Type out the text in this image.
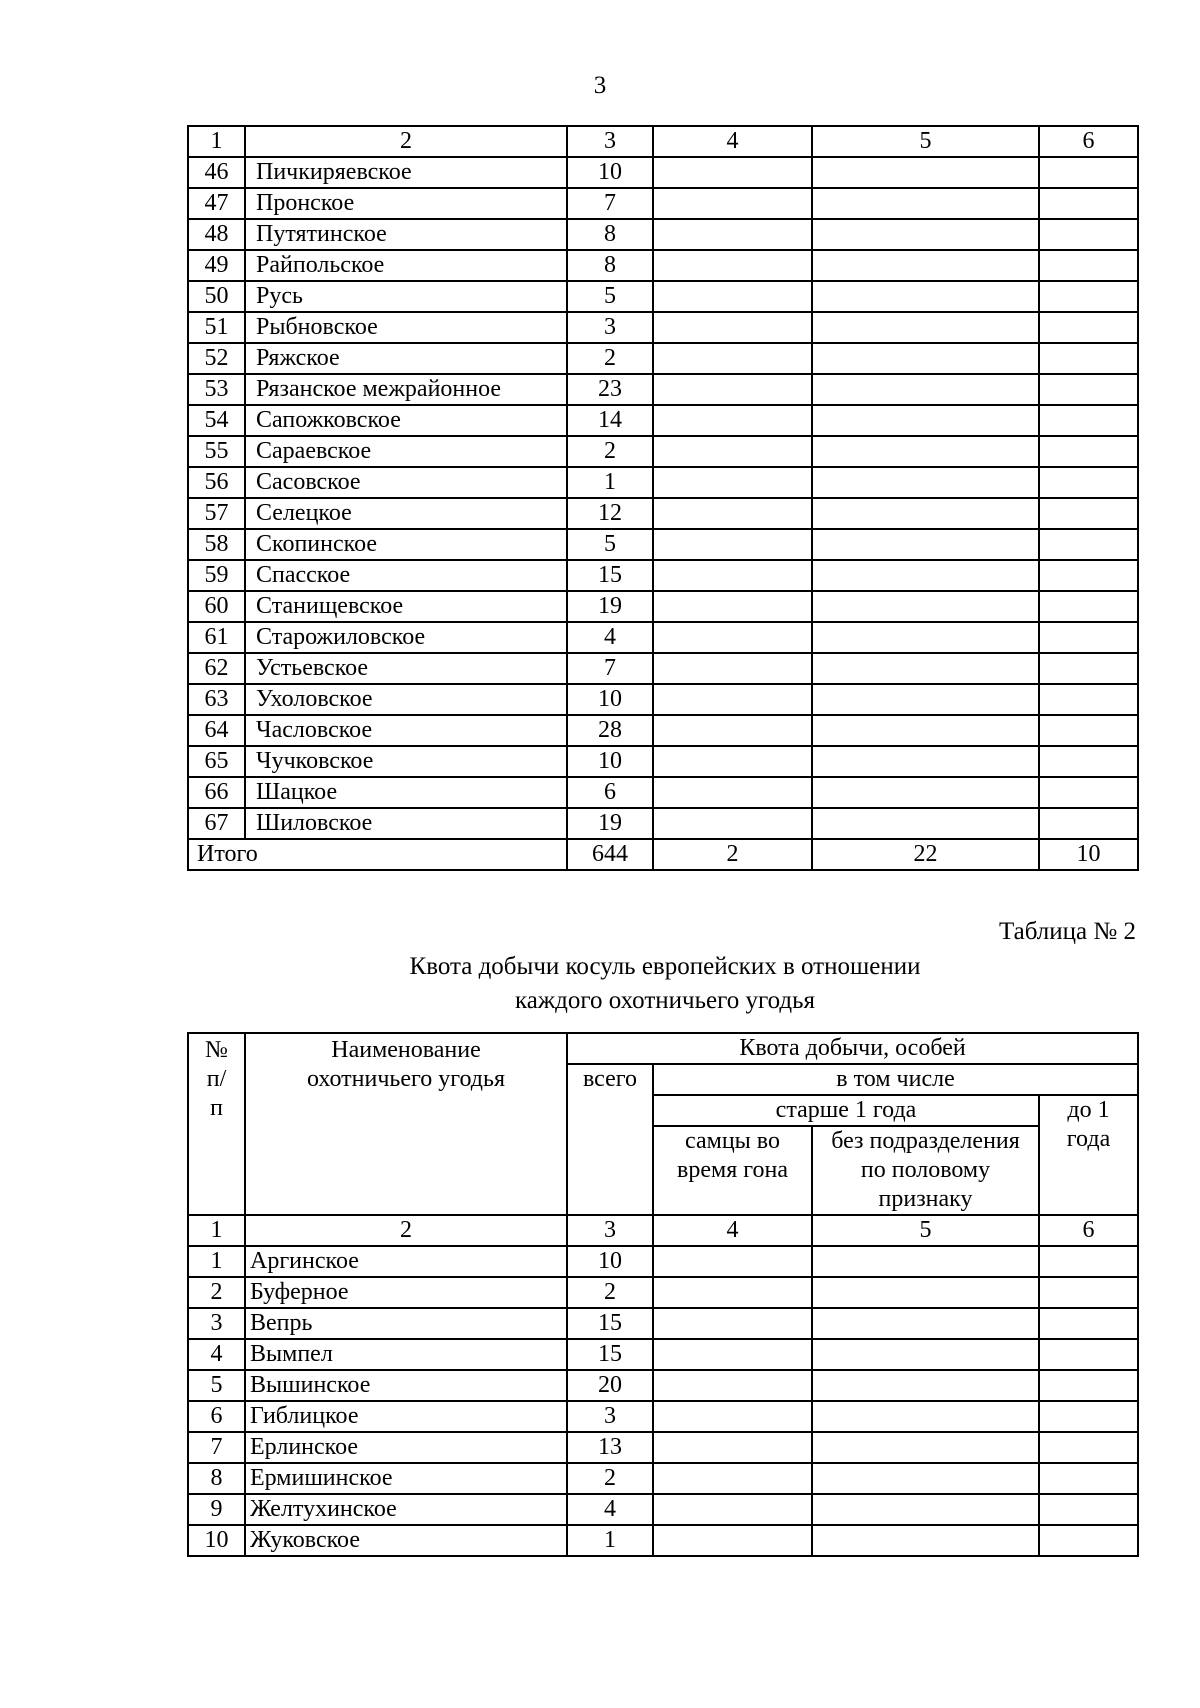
3
1	2	3	4	5	6
46	Пичкиряевское	10			
47	Пронское	7			
48	Путятинское	8			
49	Райпольское	8			
50	Русь	5			
51	Рыбновское	3			
52	Ряжское	2			
53	Рязанское межрайонное	23			
54	Сапожковское	14			
55	Сараевское	2			
56	Сасовское	1			
57	Селецкое	12			
58	Скопинское	5			
59	Спасское	15			
60	Станищевское	19			
61	Старожиловское	4			
62	Устьевское	7			
63	Ухоловское	10			
64	Часловское	28			
65	Чучковское	10			
66	Шацкое	6			
67	Шиловское	19			
Итого		644	2	22	10
Таблица № 2
Квота добычи косуль европейских в отношении
каждого охотничьего угодья
№ п/п	Наименование охотничьего угодья	Квота добычи, особей			
		всего	в том числе		
			старше 1 года		до 1 года
			самцы во время гона	без подразделения по половому признаку	
1	2	3	4	5	6
1	Аргинское	10			
2	Буферное	2			
3	Вепрь	15			
4	Вымпел	15			
5	Вышинское	20			
6	Гиблицкое	3			
7	Ерлинское	13			
8	Ермишинское	2			
9	Желтухинское	4			
10	Жуковское	1			
